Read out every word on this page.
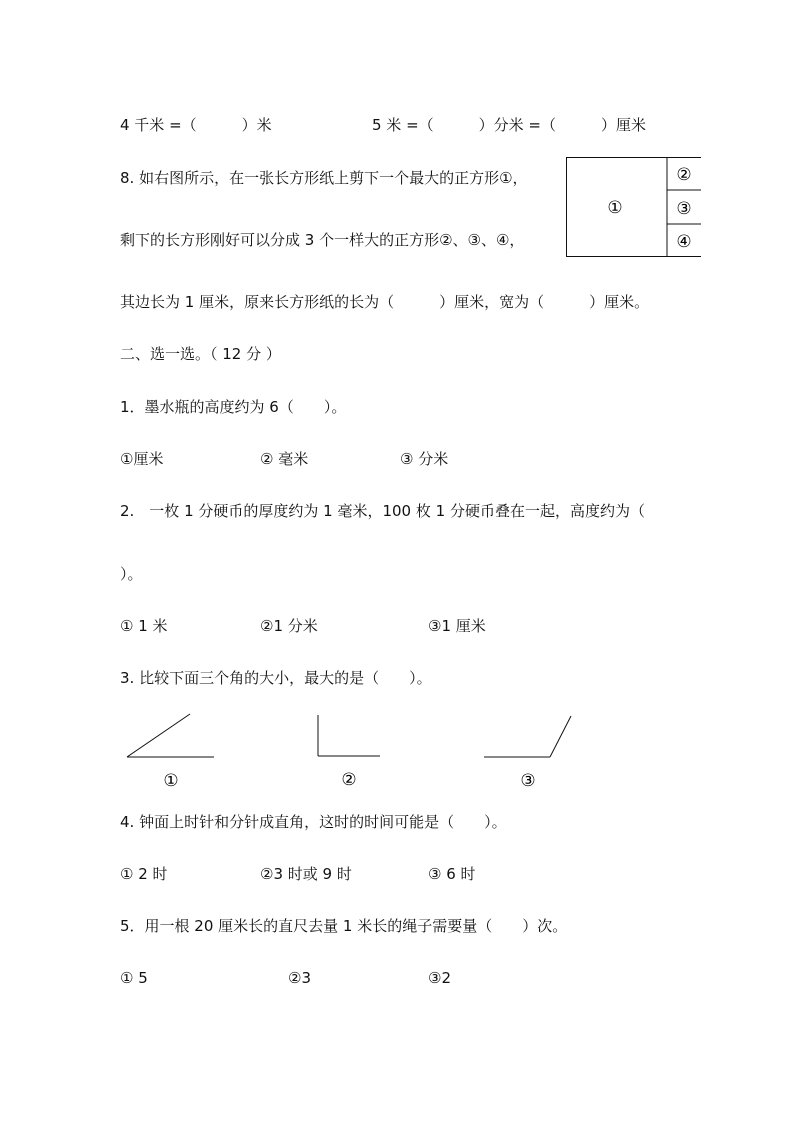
4 千米 =（　　　）米	5 米 =（　　　）分米 =（　　　）厘米
8. 如右图所示，在一张长方形纸上剪下一个最大的正方形①，
剩下的长方形刚好可以分成 3 个一样大的正方形②、③、④，
其边长为 1 厘米，原来长方形纸的长为（　　　）厘米，宽为（　　　）厘米。
①
②
③
④
二、选一选。（ 12 分 ）
1．墨水瓶的高度约为 6（　　）。
①厘米	② 毫米	③ 分米
2.　一枚 1 分硬币的厚度约为 1 毫米，100 枚 1 分硬币叠在一起，高度约为（
）。
① 1 米	②1 分米	③1 厘米
3. 比较下面三个角的大小，最大的是（　　）。
①	②	③
4. 钟面上时针和分针成直角，这时的时间可能是（　　）。
① 2 时	②3 时或 9 时	③ 6 时
5．用一根 20 厘米长的直尺去量 1 米长的绳子需要量（　　）次。
① 5	②3	③2
